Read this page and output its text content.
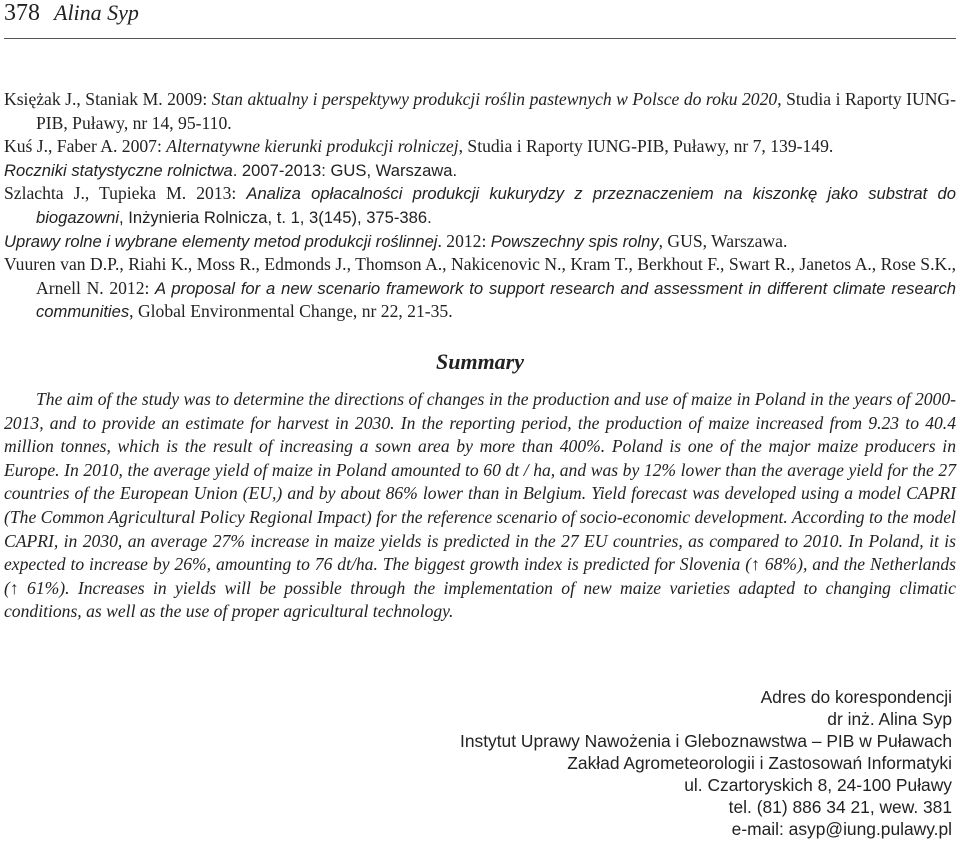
378 Alina Syp

Księżak J., Staniak M. 2009: Stan aktualny i perspektywy produkcji roślin pastewnych w Polsce do roku 2020, Studia i Raporty IUNG-PIB, Puławy, nr 14, 95-110.

Kuś J., Faber A. 2007: Alternatywne kierunki produkcji rolniczej, Studia i Raporty IUNG-PIB, Puławy, nr 7, 139-149.

Roczniki statystyczne rolnictwa. 2007-2013: GUS, Warszawa.

Szlachta J., Tupieka M. 2013: Analiza opłacalności produkcji kukurydzy z przeznaczeniem na kiszonkę jako substrat do biogazowni, Inżynieria Rolnicza, t. 1, 3(145), 375-386.

Uprawy rolne i wybrane elementy metod produkcji roślinnej. 2012: Powszechny spis rolny, GUS, Warszawa.

Vuuren van D.P., Riahi K., Moss R., Edmonds J., Thomson A., Nakicenovic N., Kram T., Berkhout F., Swart R., Janetos A., Rose S.K., Arnell N. 2012: A proposal for a new scenario framework to support research and assessment in different climate research communities, Global Environmental Change, nr 22, 21-35.

Summary

The aim of the study was to determine the directions of changes in the production and use of maize in Poland in the years of 2000-2013, and to provide an estimate for harvest in 2030. In the reporting period, the production of maize increased from 9.23 to 40.4 million tonnes, which is the result of increasing a sown area by more than 400%. Poland is one of the major maize producers in Europe. In 2010, the average yield of maize in Poland amounted to 60 dt / ha, and was by 12% lower than the average yield for the 27 countries of the European Union (EU,) and by about 86% lower than in Belgium. Yield forecast was developed using a model CAPRI (The Common Agricultural Policy Regional Impact) for the reference scenario of socio-economic development. According to the model CAPRI, in 2030, an average 27% increase in maize yields is predicted in the 27 EU countries, as compared to 2010. In Poland, it is expected to increase by 26%, amounting to 76 dt/ha. The biggest growth index is predicted for Slovenia (↑ 68%), and the Netherlands (↑ 61%). Increases in yields will be possible through the implementation of new maize varieties adapted to changing climatic conditions, as well as the use of proper agricultural technology.

Adres do korespondencji
dr inż. Alina Syp
Instytut Uprawy Nawożenia i Gleboznawstwa – PIB w Puławach
Zakład Agrometeorologii i Zastosowań Informatyki
ul. Czartoryskich 8, 24-100 Puławy
tel. (81) 886 34 21, wew. 381
e-mail: asyp@iung.pulawy.pl
